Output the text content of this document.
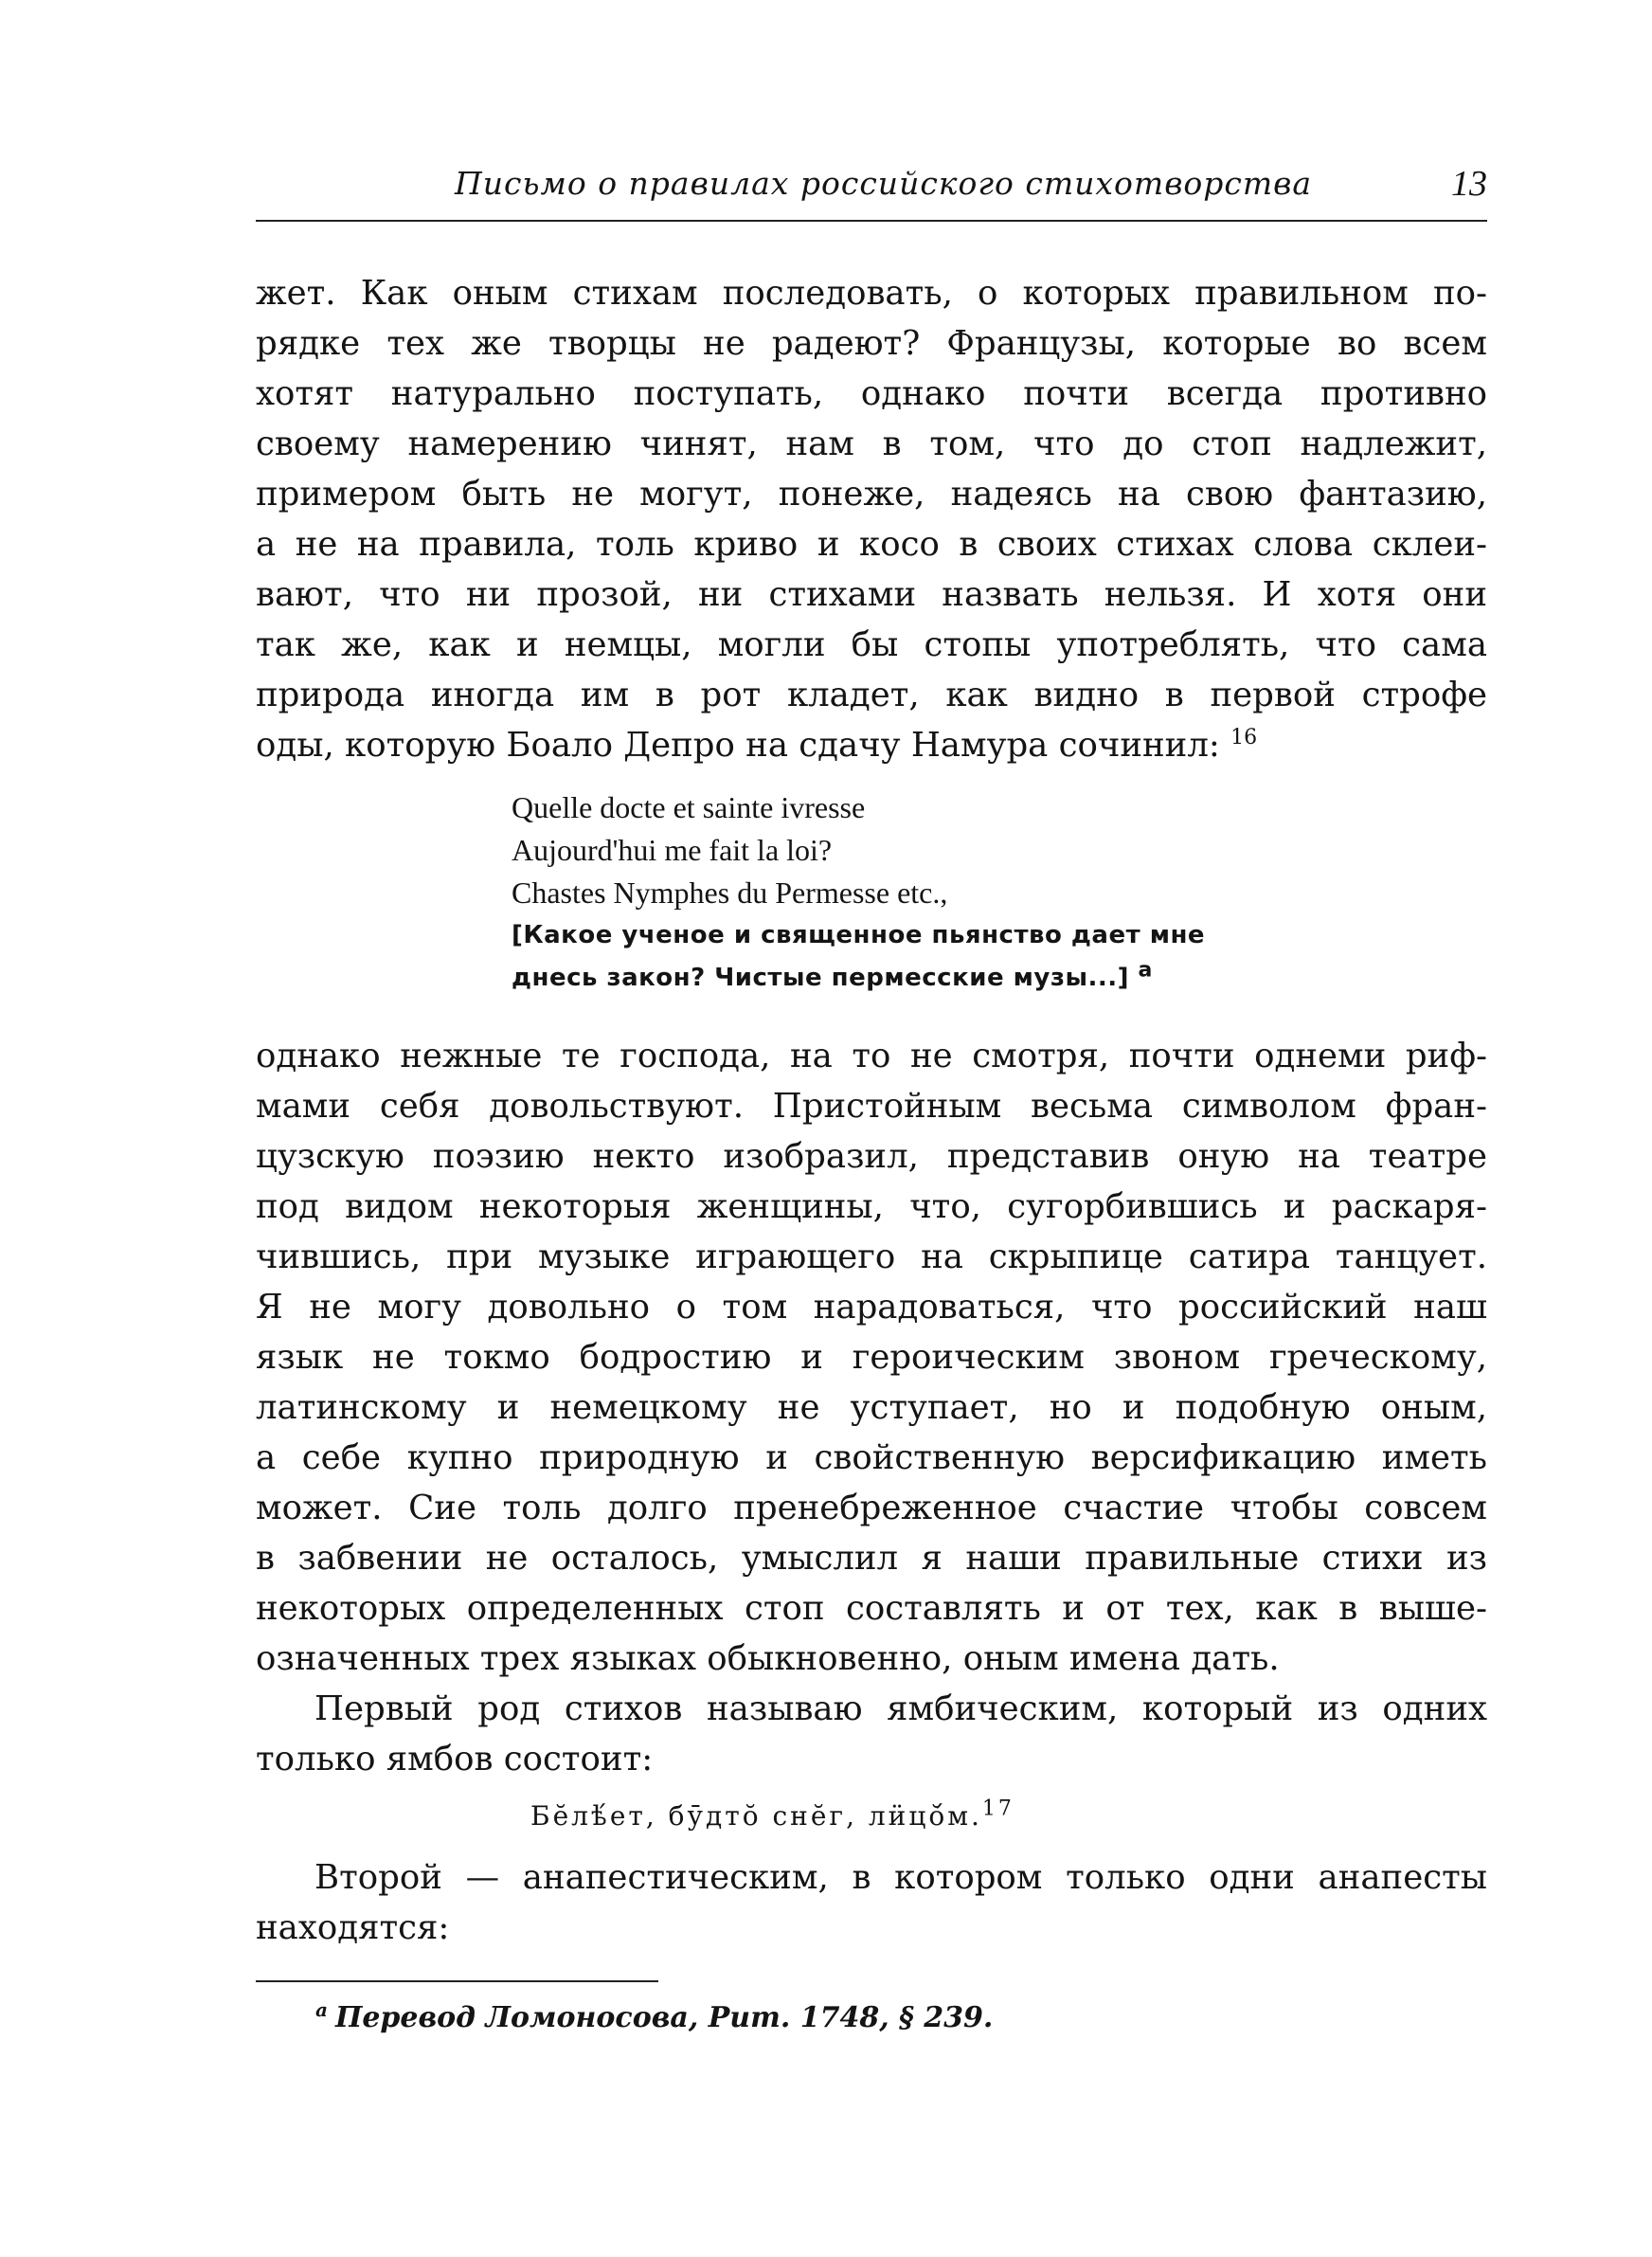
Письмо о правилах российского стихотворства	13
жет. Как оным стихам последовать, о которых правильном по-
рядке тех же творцы не радеют? Французы, которые во всем
хотят натурально поступать, однако почти всегда противно
своему намерению чинят, нам в том, что до стоп надлежит,
примером быть не могут, понеже, надеясь на свою фантазию,
а не на правила, толь криво и косо в своих стихах слова склеи-
вают, что ни прозой, ни стихами назвать нельзя. И хотя они
так же, как и немцы, могли бы стопы употреблять, что сама
природа иногда им в рот кладет, как видно в первой строфе
оды, которую Боало Депро на сдачу Намура сочинил: $^{16}$
Quelle docte et sainte ivresse
Aujourd'hui me fait la loi?
Chastes Nymphes du Permesse etc.,
[Какое ученое и священное пьянство дает мне
днесь закон? Чистые пермесские музы...] $^а$
однако нежные те господа, на то не смотря, почти однеми риф-
мами себя довольствуют. Пристойным весьма символом фран-
цузскую поэзию некто изобразил, представив оную на театре
под видом некоторыя женщины, что, сугорбившись и раскаря-
чившись, при музыке играющего на скрыпице сатира танцует.
Я не могу довольно о том нарадоваться, что российский наш
язык не токмо бодростию и героическим звоном греческому,
латинскому и немецкому не уступает, но и подобную оным,
а себе купно природную и свойственную версификацию иметь
может. Сие толь долго пренебреженное счастие чтобы совсем
в забвении не осталось, умыслил я наши правильные стихи из
некоторых определенных стоп составлять и от тех, как в выше-
означенных трех языках обыкновенно, оным имена дать.
Первый род стихов называю ямбическим, который из одних
только ямбов состоит:
Бӗлѣ́ет, бӯдтŏ снӗг, лӥцŏ́м.$^{17}$
Второй — анапестическим, в котором только одни анапесты
находятся:
$^а$ Перевод Ломоносова, Рит. 1748, § 239.
